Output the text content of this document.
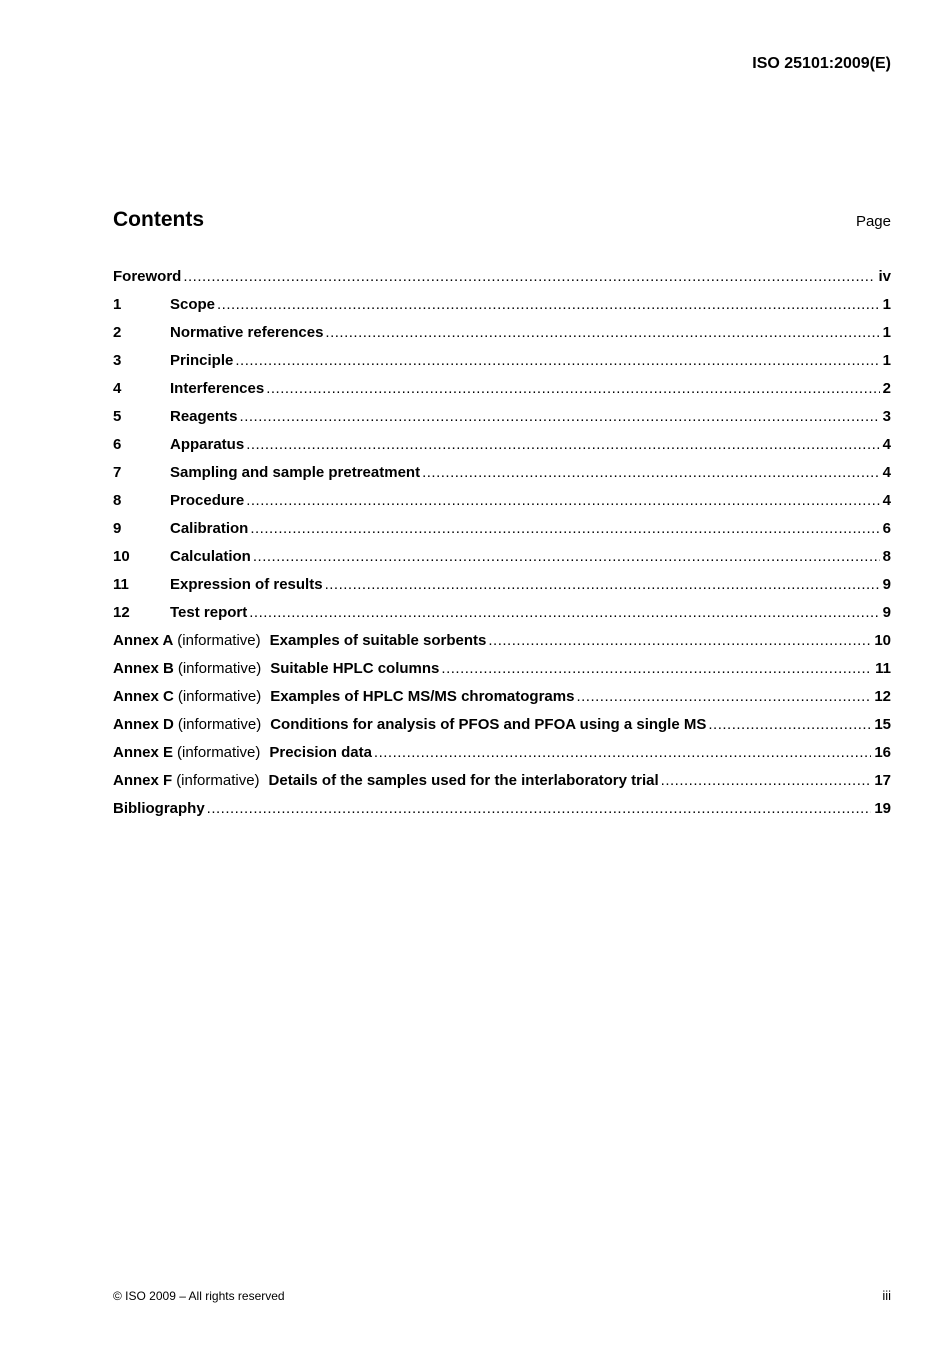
ISO 25101:2009(E)
Contents	Page
Foreword .....	iv
1	Scope .....	1
2	Normative references .....	1
3	Principle .....	1
4	Interferences .....	2
5	Reagents .....	3
6	Apparatus .....	4
7	Sampling and sample pretreatment .....	4
8	Procedure .....	4
9	Calibration .....	6
10	Calculation .....	8
11	Expression of results .....	9
12	Test report .....	9
Annex A (informative) Examples of suitable sorbents .....	10
Annex B (informative) Suitable HPLC columns .....	11
Annex C (informative) Examples of HPLC MS/MS chromatograms .....	12
Annex D (informative) Conditions for analysis of PFOS and PFOA using a single MS .....	15
Annex E (informative) Precision data .....	16
Annex F (informative) Details of the samples used for the interlaboratory trial .....	17
Bibliography .....	19
© ISO 2009 – All rights reserved	iii
